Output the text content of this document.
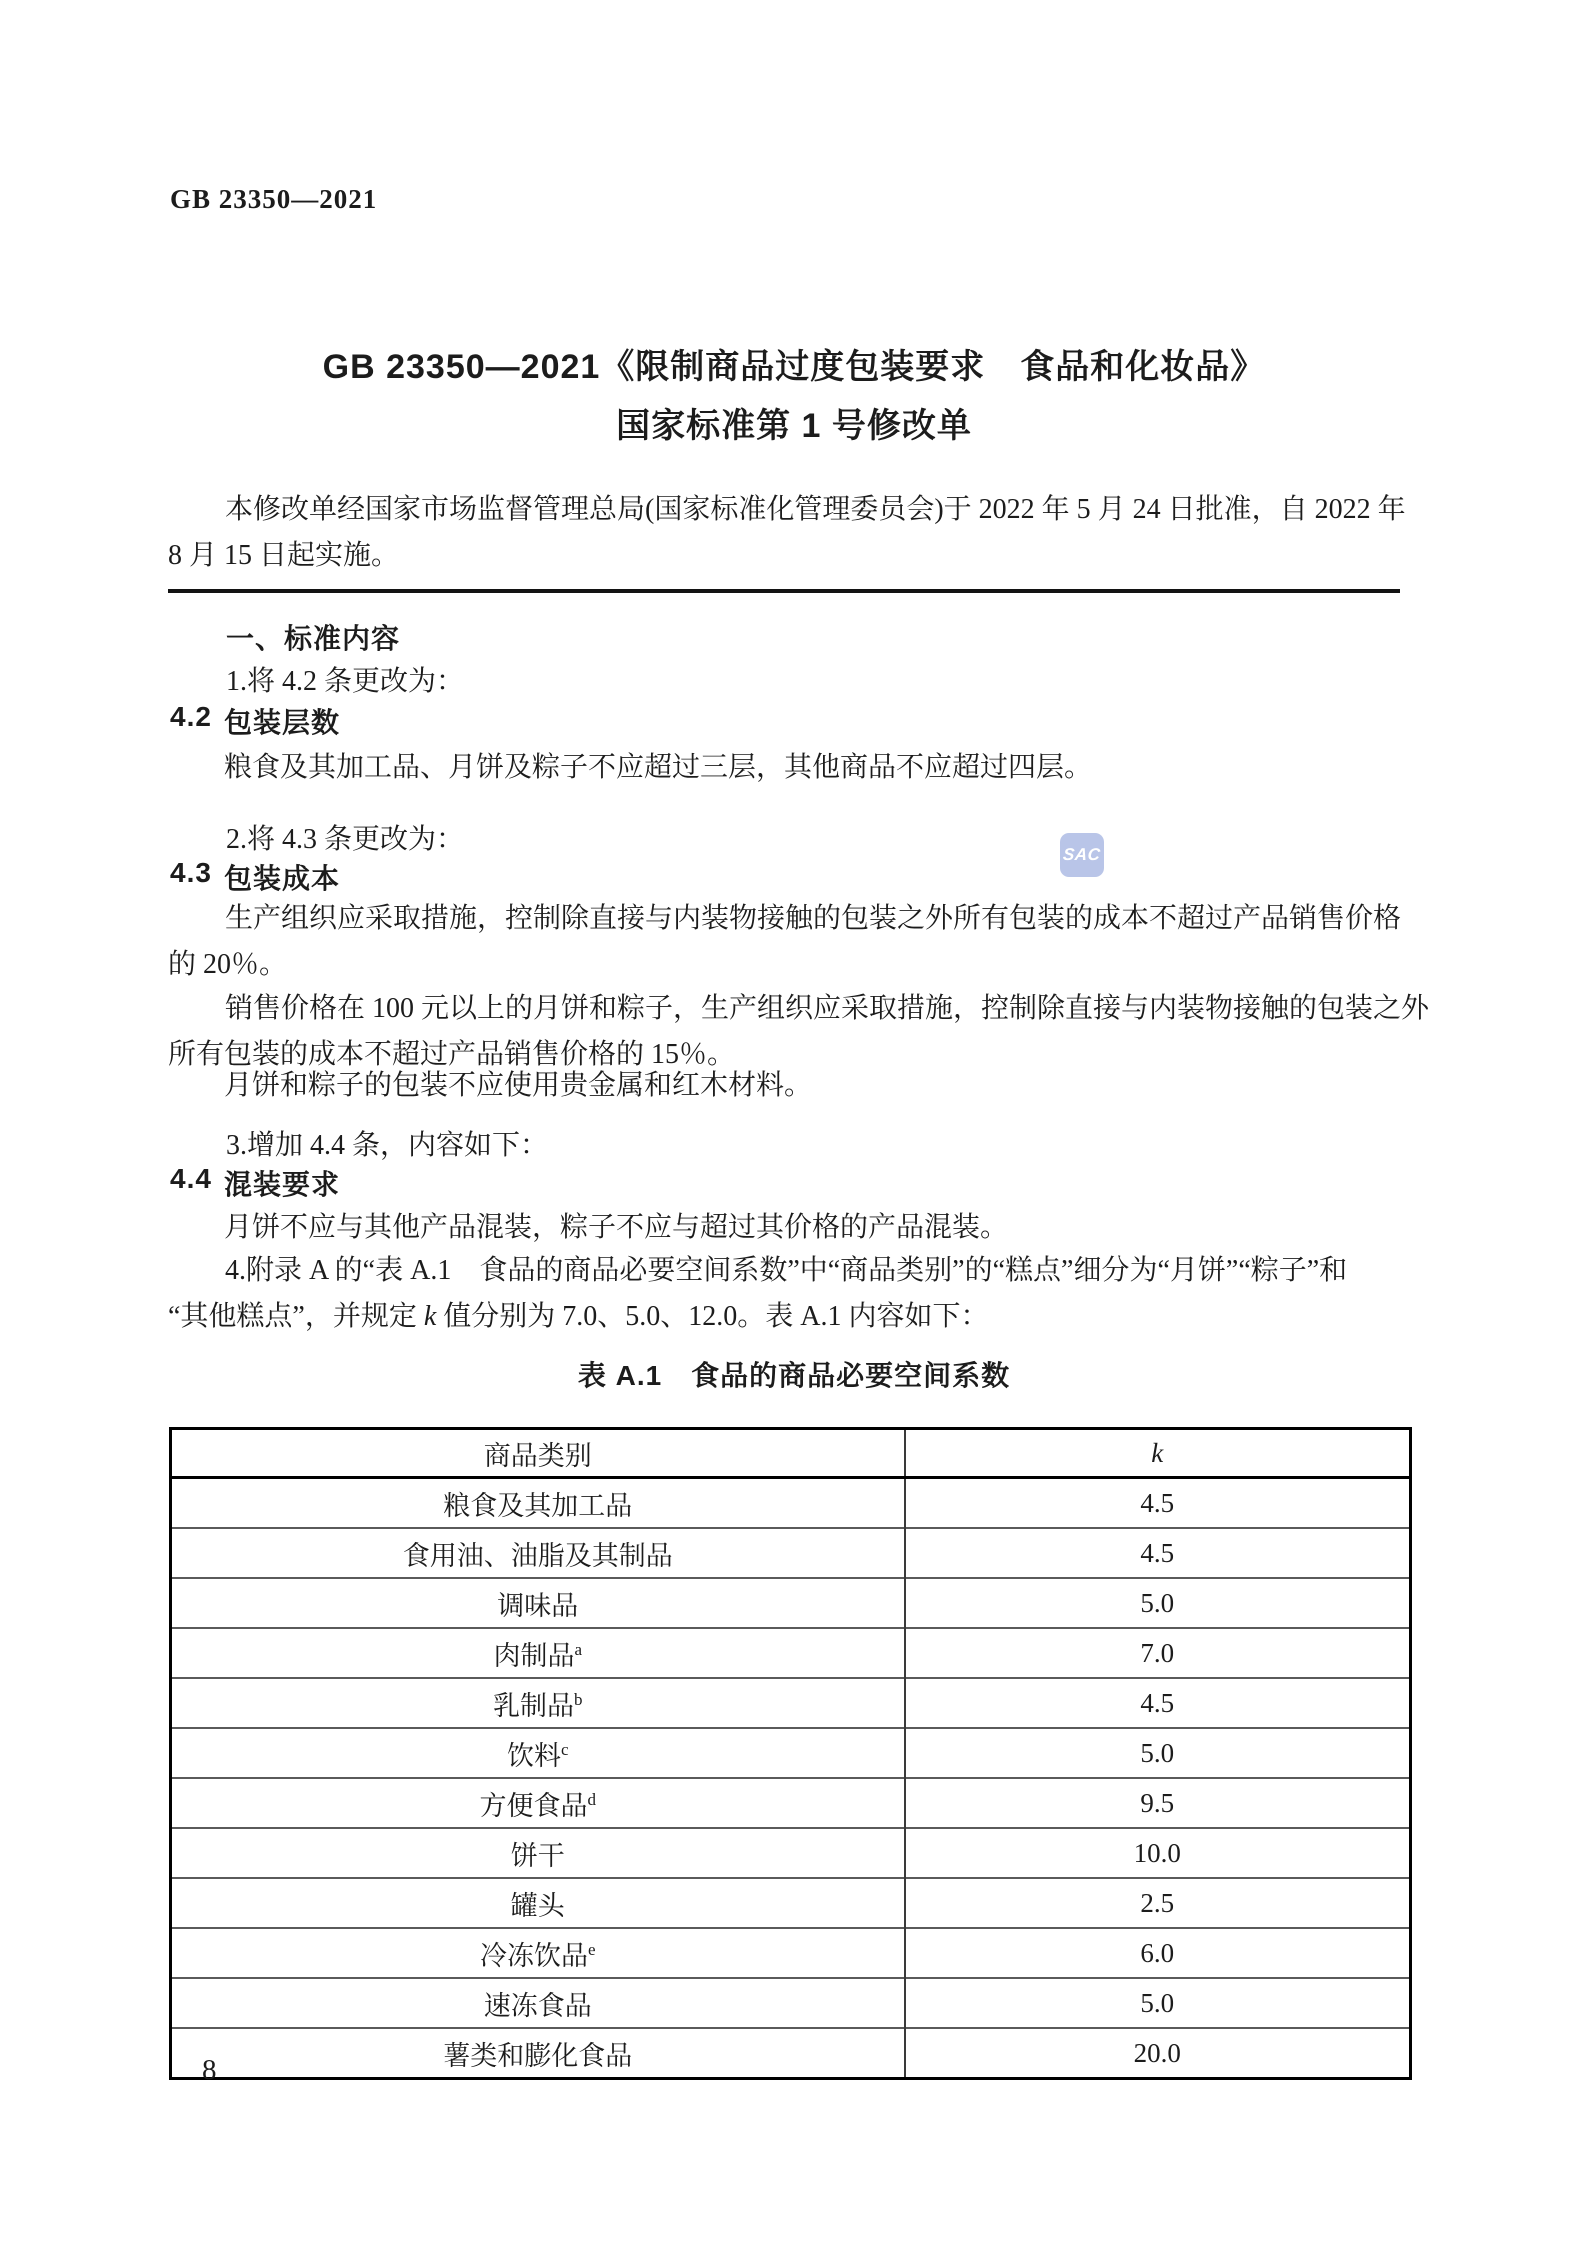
GB 23350—2021
GB 23350—2021《限制商品过度包装要求　食品和化妆品》
国家标准第 1 号修改单
本修改单经国家市场监督管理总局(国家标准化管理委员会)于 2022 年 5 月 24 日批准，自 2022 年
8 月 15 日起实施。
一、标准内容
1.将 4.2 条更改为：
4.2 包装层数
粮食及其加工品、月饼及粽子不应超过三层，其他商品不应超过四层。
2.将 4.3 条更改为：
4.3 包装成本
生产组织应采取措施，控制除直接与内装物接触的包装之外所有包装的成本不超过产品销售价格
的 20％。
销售价格在 100 元以上的月饼和粽子，生产组织应采取措施，控制除直接与内装物接触的包装之外
所有包装的成本不超过产品销售价格的 15％。
月饼和粽子的包装不应使用贵金属和红木材料。
3.增加 4.4 条，内容如下：
4.4 混装要求
月饼不应与其他产品混装，粽子不应与超过其价格的产品混装。
4.附录 A 的“表 A.1　食品的商品必要空间系数”中“商品类别”的“糕点”细分为“月饼”“粽子”和
“其他糕点”，并规定 k 值分别为 7.0、5.0、12.0。表 A.1 内容如下：
表 A.1　食品的商品必要空间系数
商品类别	k
粮食及其加工品	4.5
食用油、油脂及其制品	4.5
调味品	5.0
肉制品$^a$	7.0
乳制品$^b$	4.5
饮料$^c$	5.0
方便食品$^d$	9.5
饼干	10.0
罐头	2.5
冷冻饮品$^e$	6.0
速冻食品	5.0
薯类和膨化食品	20.0
SAC
8
